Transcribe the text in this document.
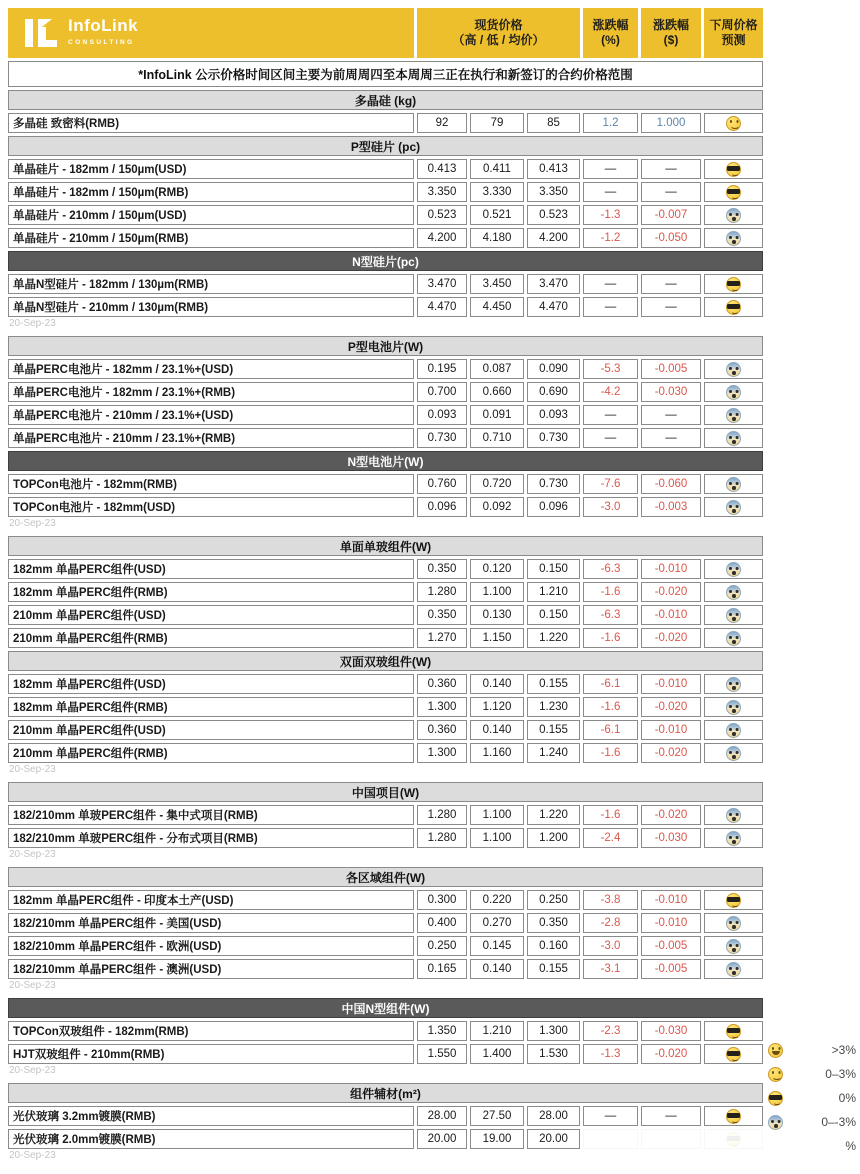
InfoLink
CONSULTING
现货价格
（高 / 低 / 均价）
涨跌幅
(%)
涨跌幅
($)
下周价格
预测
*InfoLink 公示价格时间区间主要为前周周四至本周周三正在执行和新签订的合约价格范围
多晶硅 (kg)
多晶硅 致密料(RMB)	92	79	85	1.2	1.000
P型硅片 (pc)
单晶硅片 - 182mm / 150µm(USD)	0.413	0.411	0.413	—	—
单晶硅片 - 182mm / 150µm(RMB)	3.350	3.330	3.350	—	—
单晶硅片 - 210mm / 150µm(USD)	0.523	0.521	0.523	-1.3	-0.007
单晶硅片 - 210mm / 150µm(RMB)	4.200	4.180	4.200	-1.2	-0.050
N型硅片(pc)
单晶N型硅片 - 182mm / 130µm(RMB)	3.470	3.450	3.470	—	—
单晶N型硅片 - 210mm / 130µm(RMB)	4.470	4.450	4.470	—	—
20-Sep-23
P型电池片(W)
单晶PERC电池片 - 182mm / 23.1%+(USD)	0.195	0.087	0.090	-5.3	-0.005
单晶PERC电池片 - 182mm / 23.1%+(RMB)	0.700	0.660	0.690	-4.2	-0.030
单晶PERC电池片 - 210mm / 23.1%+(USD)	0.093	0.091	0.093	—	—
单晶PERC电池片 - 210mm / 23.1%+(RMB)	0.730	0.710	0.730	—	—
N型电池片(W)
TOPCon电池片 - 182mm(RMB)	0.760	0.720	0.730	-7.6	-0.060
TOPCon电池片 - 182mm(USD)	0.096	0.092	0.096	-3.0	-0.003
20-Sep-23
单面单玻组件(W)
182mm 单晶PERC组件(USD)	0.350	0.120	0.150	-6.3	-0.010
182mm 单晶PERC组件(RMB)	1.280	1.100	1.210	-1.6	-0.020
210mm 单晶PERC组件(USD)	0.350	0.130	0.150	-6.3	-0.010
210mm 单晶PERC组件(RMB)	1.270	1.150	1.220	-1.6	-0.020
双面双玻组件(W)
182mm 单晶PERC组件(USD)	0.360	0.140	0.155	-6.1	-0.010
182mm 单晶PERC组件(RMB)	1.300	1.120	1.230	-1.6	-0.020
210mm 单晶PERC组件(USD)	0.360	0.140	0.155	-6.1	-0.010
210mm 单晶PERC组件(RMB)	1.300	1.160	1.240	-1.6	-0.020
20-Sep-23
中国项目(W)
182/210mm 单玻PERC组件 - 集中式项目(RMB)	1.280	1.100	1.220	-1.6	-0.020
182/210mm 单玻PERC组件 - 分布式项目(RMB)	1.280	1.100	1.200	-2.4	-0.030
20-Sep-23
各区域组件(W)
182mm 单晶PERC组件 - 印度本土产(USD)	0.300	0.220	0.250	-3.8	-0.010
182/210mm 单晶PERC组件 - 美国(USD)	0.400	0.270	0.350	-2.8	-0.010
182/210mm 单晶PERC组件 - 欧洲(USD)	0.250	0.145	0.160	-3.0	-0.005
182/210mm 单晶PERC组件 - 澳洲(USD)	0.165	0.140	0.155	-3.1	-0.005
20-Sep-23
中国N型组件(W)
TOPCon双玻组件 - 182mm(RMB)	1.350	1.210	1.300	-2.3	-0.030
HJT双玻组件 - 210mm(RMB)	1.550	1.400	1.530	-1.3	-0.020
20-Sep-23
组件辅材(m²)
光伏玻璃 3.2mm镀膜(RMB)	28.00	27.50	28.00	—	—
光伏玻璃 2.0mm镀膜(RMB)	20.00	19.00	20.00
20-Sep-23
>3%
0–3%
0%
0–-3%
%
